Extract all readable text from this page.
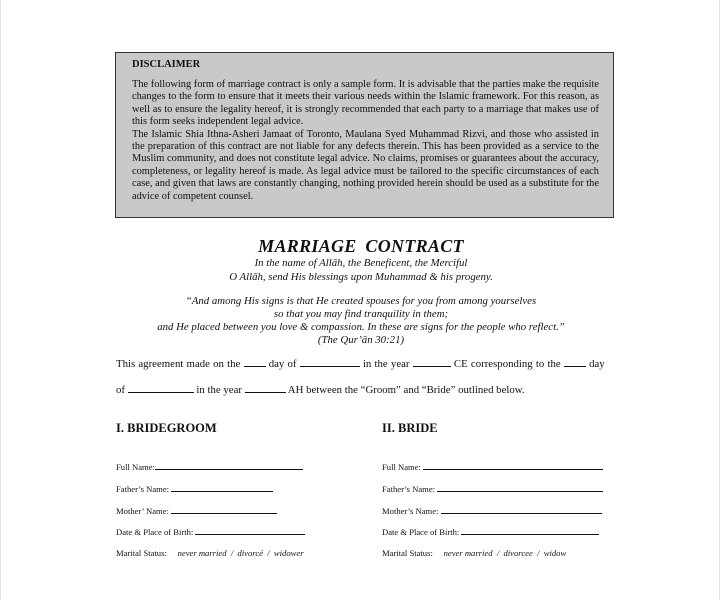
DISCLAIMER

The following form of marriage contract is only a sample form. It is advisable that the parties make the requisite changes to the form to ensure that it meets their various needs within the Islamic framework. For this reason, as well as to ensure the legality hereof, it is strongly recommended that each party to a marriage that makes use of this form seeks independent legal advice.

The Islamic Shia Ithna-Asheri Jamaat of Toronto, Maulana Syed Muhammad Rizvi, and those who assisted in the preparation of this contract are not liable for any defects therein. This has been provided as a service to the Muslim community, and does not constitute legal advice. No claims, promises or guarantees about the accuracy, completeness, or legality hereof is made. As legal advice must be tailored to the specific circumstances of each case, and given that laws are constantly changing, nothing provided herein should be used as a substitute for the advice of competent counsel.

MARRIAGE CONTRACT
In the name of Allāh, the Beneficent, the Merciful
O Allāh, send His blessings upon Muhammad & his progeny.
“And among His signs is that He created spouses for you from among yourselves
so that you may find tranquility in them;
and He placed between you love & compassion. In these are signs for the people who reflect.”
(The Qur’ān 30:21)
This agreement made on the	day of	in the year	CE corresponding to the	day
of	in the year	AH between the “Groom” and “Bride” outlined below.
I. BRIDEGROOM	II. BRIDE
Full Name:
Father’s Name:
Mother’ Name:
Date & Place of Birth:
Marital Status: never married  /  divorcé  /  widower
Full Name:
Father’s Name:
Mother’s Name:
Date & Place of Birth:
Marital Status: never married  /  divorcee  /  widow
